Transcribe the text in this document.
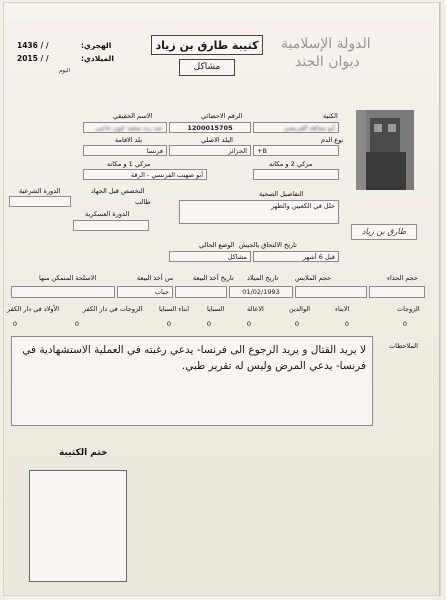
الهجري:
1436 / /
الميلادي:
2015 / /
اليوم
كتيبة طارق بن زياد
مشاكل
الدولة الإسلامية
ديوان الجند
الكنية
الرقم الاحصائي
الاسم الحقيقي
أبو مجاهد الفرنسي
1200015705
عبد ربه سعيد عون حاجي
نوع الدم
البلد الاصلي
بلد الاقامة
+B
الجزائر
فرنسا
مزكي 2 و مكانه
مزكي 1 و مكانه
أبو صهيب الفرنسي - الرقة
الدورة الشرعية	التخصص قبل الجهاد
طالب
الدورة العسكرية
التفاصيل الصحية
خلل في الكعبين والظهر
طارق بن زياد
تاريخ الالتحاق بالجيش
الوضع الحالي
قبل 6 أشهر
مشاكل
حجم الحذاء
حجم الملابس
تاريخ الميلاد
تاريخ أخذ البيعة
من أخذ البيعة
الاسلحة المتمكن منها
01/02/1993
خباب
الزوجات
الابناء
الوالدين
الاعالة
السبايا
ابناء السبايا
الزوجات في دار الكفر
الأولاد في دار الكفر
0
0
0
0
0
0
0
0
الملاحظات
لا يريد القتال و يريد الرجوع الى فرنسا- يدعي رغبته في العملية الاستشهادية في
فرنسا- يدعي المرض وليس له تقرير طبي.
ختم الكتيبة
